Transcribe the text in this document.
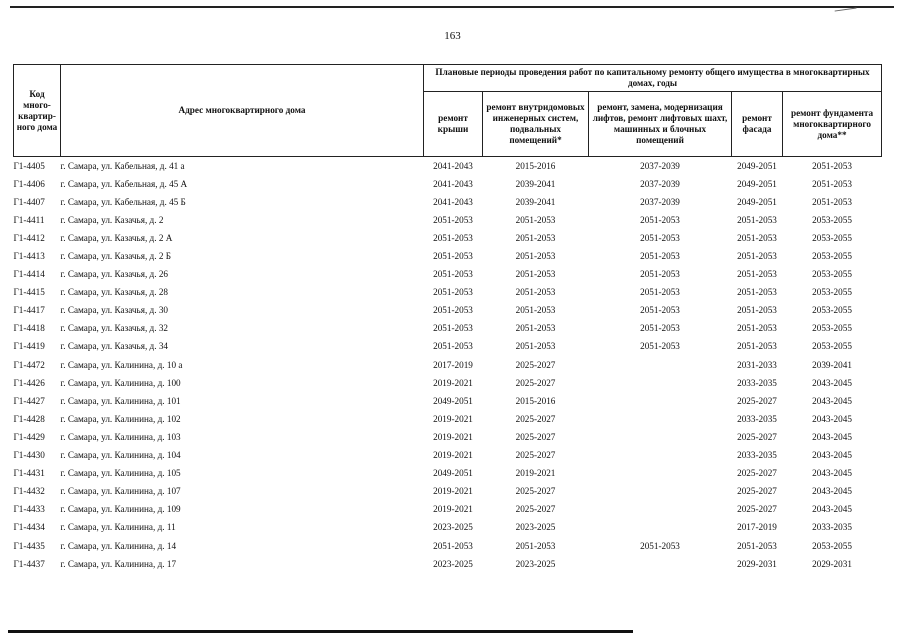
163
Код много-квартир-ного дома	Адрес многоквартирного дома	Плановые периоды проведения работ по капитальному ремонту общего имущества в многоквартирных домах, годы				
		ремонт крыши	ремонт внутридомовых инженерных систем, подвальных помещений*	ремонт, замена, модернизация лифтов, ремонт лифтовых шахт, машинных и блочных помещений	ремонт фасада	ремонт фундамента многоквартирного дома**
Г1-4405	г. Самара, ул. Кабельная, д. 41 а	2041-2043	2015-2016	2037-2039	2049-2051	2051-2053
Г1-4406	г. Самара, ул. Кабельная, д. 45 А	2041-2043	2039-2041	2037-2039	2049-2051	2051-2053
Г1-4407	г. Самара, ул. Кабельная, д. 45 Б	2041-2043	2039-2041	2037-2039	2049-2051	2051-2053
Г1-4411	г. Самара, ул. Казачья, д. 2	2051-2053	2051-2053	2051-2053	2051-2053	2053-2055
Г1-4412	г. Самара, ул. Казачья, д. 2 А	2051-2053	2051-2053	2051-2053	2051-2053	2053-2055
Г1-4413	г. Самара, ул. Казачья, д. 2 Б	2051-2053	2051-2053	2051-2053	2051-2053	2053-2055
Г1-4414	г. Самара, ул. Казачья, д. 26	2051-2053	2051-2053	2051-2053	2051-2053	2053-2055
Г1-4415	г. Самара, ул. Казачья, д. 28	2051-2053	2051-2053	2051-2053	2051-2053	2053-2055
Г1-4417	г. Самара, ул. Казачья, д. 30	2051-2053	2051-2053	2051-2053	2051-2053	2053-2055
Г1-4418	г. Самара, ул. Казачья, д. 32	2051-2053	2051-2053	2051-2053	2051-2053	2053-2055
Г1-4419	г. Самара, ул. Казачья, д. 34	2051-2053	2051-2053	2051-2053	2051-2053	2053-2055
Г1-4472	г. Самара, ул. Калинина, д. 10 а	2017-2019	2025-2027		2031-2033	2039-2041
Г1-4426	г. Самара, ул. Калинина, д. 100	2019-2021	2025-2027		2033-2035	2043-2045
Г1-4427	г. Самара, ул. Калинина, д. 101	2049-2051	2015-2016		2025-2027	2043-2045
Г1-4428	г. Самара, ул. Калинина, д. 102	2019-2021	2025-2027		2033-2035	2043-2045
Г1-4429	г. Самара, ул. Калинина, д. 103	2019-2021	2025-2027		2025-2027	2043-2045
Г1-4430	г. Самара, ул. Калинина, д. 104	2019-2021	2025-2027		2033-2035	2043-2045
Г1-4431	г. Самара, ул. Калинина, д. 105	2049-2051	2019-2021		2025-2027	2043-2045
Г1-4432	г. Самара, ул. Калинина, д. 107	2019-2021	2025-2027		2025-2027	2043-2045
Г1-4433	г. Самара, ул. Калинина, д. 109	2019-2021	2025-2027		2025-2027	2043-2045
Г1-4434	г. Самара, ул. Калинина, д. 11	2023-2025	2023-2025		2017-2019	2033-2035
Г1-4435	г. Самара, ул. Калинина, д. 14	2051-2053	2051-2053	2051-2053	2051-2053	2053-2055
Г1-4437	г. Самара, ул. Калинина, д. 17	2023-2025	2023-2025		2029-2031	2029-2031
